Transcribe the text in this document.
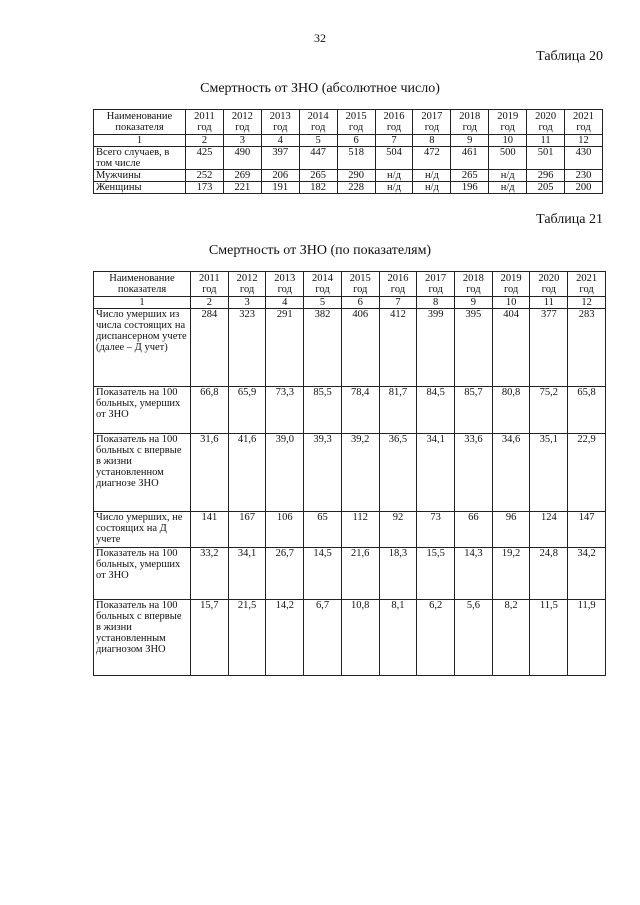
32
Таблица 20
Смертность от ЗНО (абсолютное число)
Наименование показателя	2011 год	2012 год	2013 год	2014 год	2015 год	2016 год	2017 год	2018 год	2019 год	2020 год	2021 год
1	2	3	4	5	6	7	8	9	10	11	12
Всего случаев, в том числе	425	490	397	447	518	504	472	461	500	501	430
Мужчины	252	269	206	265	290	н/д	н/д	265	н/д	296	230
Женщины	173	221	191	182	228	н/д	н/д	196	н/д	205	200
Таблица 21
Смертность от ЗНО (по показателям)
Наименование показателя	2011 год	2012 год	2013 год	2014 год	2015 год	2016 год	2017 год	2018 год	2019 год	2020 год	2021 год
1	2	3	4	5	6	7	8	9	10	11	12
Число умерших из числа состоящих на диспансерном учете (далее – Д учет)	284	323	291	382	406	412	399	395	404	377	283
Показатель на 100 больных, умерших от ЗНО	66,8	65,9	73,3	85,5	78,4	81,7	84,5	85,7	80,8	75,2	65,8
Показатель на 100 больных с впервые в жизни установленном диагнозе ЗНО	31,6	41,6	39,0	39,3	39,2	36,5	34,1	33,6	34,6	35,1	22,9
Число умерших, не состоящих на Д учете	141	167	106	65	112	92	73	66	96	124	147
Показатель на 100 больных, умерших от ЗНО	33,2	34,1	26,7	14,5	21,6	18,3	15,5	14,3	19,2	24,8	34,2
Показатель на 100 больных с впервые в жизни установленным диагнозом ЗНО	15,7	21,5	14,2	6,7	10,8	8,1	6,2	5,6	8,2	11,5	11,9
